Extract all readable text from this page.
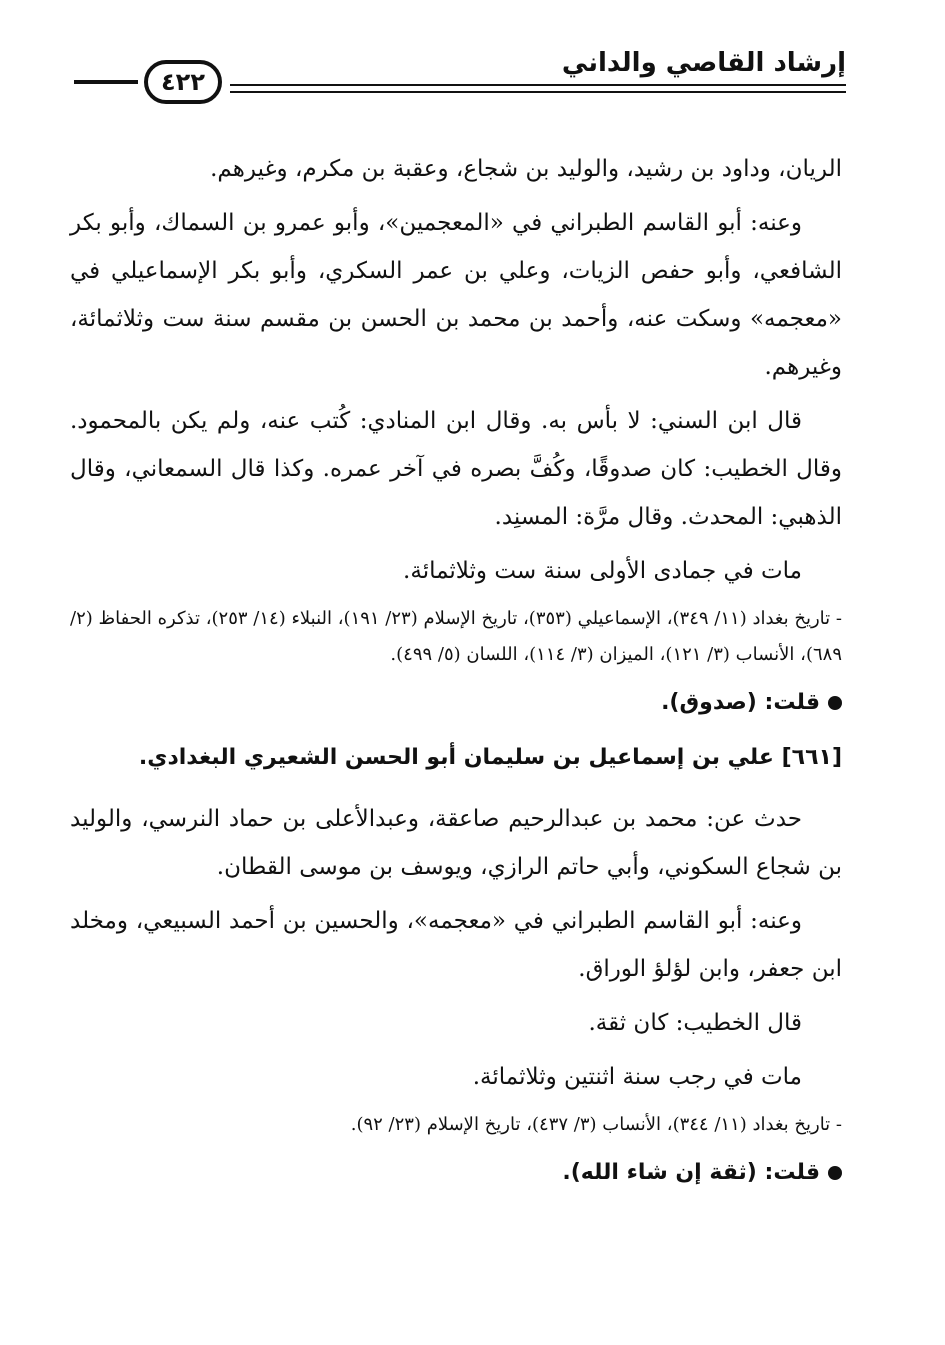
إرشاد القاصي والداني
٤٢٢

الريان، وداود بن رشيد، والوليد بن شجاع، وعقبة بن مكرم، وغيرهم.

وعنه: أبو القاسم الطبراني في «المعجمين»، وأبو عمرو بن السماك، وأبو بكر الشافعي، وأبو حفص الزيات، وعلي بن عمر السكري، وأبو بكر الإسماعيلي في «معجمه» وسكت عنه، وأحمد بن محمد بن الحسن بن مقسم سنة ست وثلاثمائة، وغيرهم.

قال ابن السني: لا بأس به. وقال ابن المنادي: كُتب عنه، ولم يكن بالمحمود. وقال الخطيب: كان صدوقًا، وكُفَّ بصره في آخر عمره. وكذا قال السمعاني، وقال الذهبي: المحدث. وقال مرَّة: المسنِد.

مات في جمادى الأولى سنة ست وثلاثمائة.

- تاريخ بغداد (١١/ ٣٤٩)، الإسماعيلي (٣٥٣)، تاريخ الإسلام (٢٣/ ١٩١)، النبلاء (١٤/ ٢٥٣)، تذكره الحفاظ (٢/ ٦٨٩)، الأنساب (٣/ ١٢١)، الميزان (٣/ ١١٤)، اللسان (٥/ ٤٩٩).

قلت: (صدوق).

[٦٦١] علي بن إسماعيل بن سليمان أبو الحسن الشعيري البغدادي.

حدث عن: محمد بن عبدالرحيم صاعقة، وعبدالأعلى بن حماد النرسي، والوليد بن شجاع السكوني، وأبي حاتم الرازي، ويوسف بن موسى القطان.

وعنه: أبو القاسم الطبراني في «معجمه»، والحسين بن أحمد السبيعي، ومخلد ابن جعفر، وابن لؤلؤ الوراق.

قال الخطيب: كان ثقة.

مات في رجب سنة اثنتين وثلاثمائة.

- تاريخ بغداد (١١/ ٣٤٤)، الأنساب (٣/ ٤٣٧)، تاريخ الإسلام (٢٣/ ٩٢).

قلت: (ثقة إن شاء الله).
